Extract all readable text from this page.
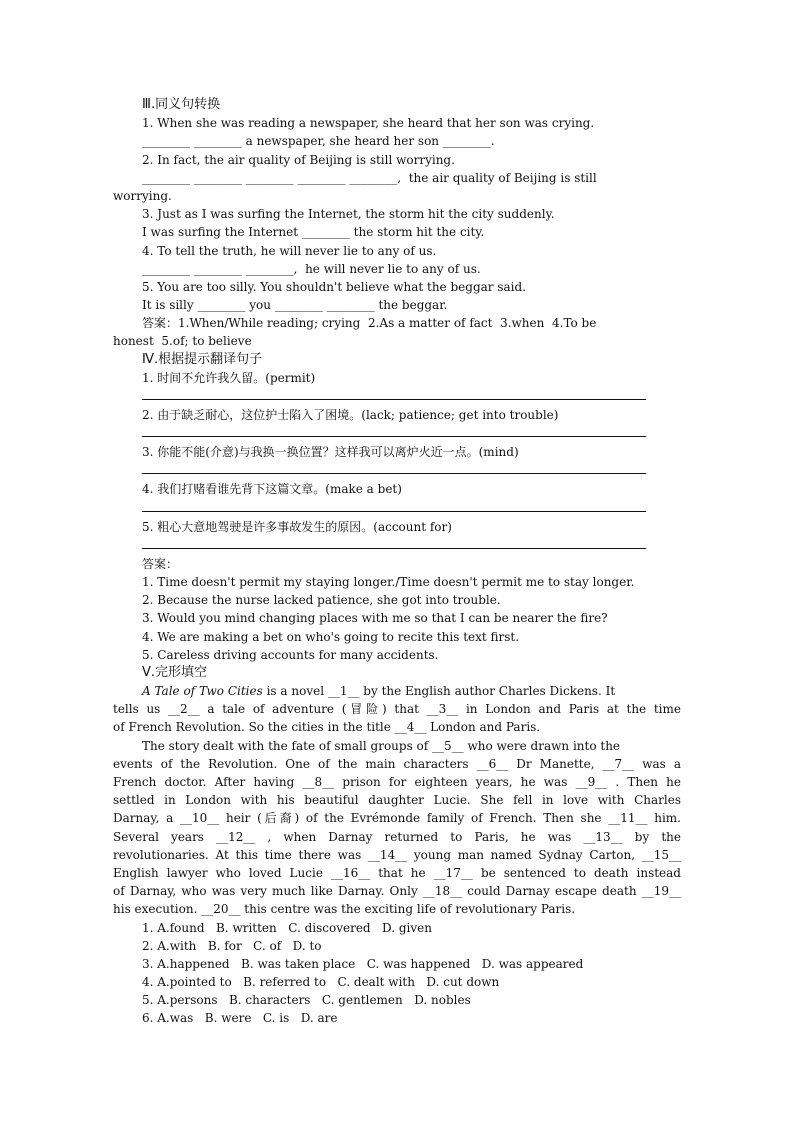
Ⅲ.同义句转换
1. When she was reading a newspaper, she heard that her son was crying.
________ ________ a newspaper, she heard her son ________.
2. In fact, the air quality of Beijing is still worrying.
________ ________ ________ ________ ________,  the air quality of Beijing is still
worrying.
3. Just as I was surfing the Internet, the storm hit the city suddenly.
I was surfing the Internet ________ the storm hit the city.
4. To tell the truth, he will never lie to any of us.
________ ________ ________,  he will never lie to any of us.
5. You are too silly. You shouldn't believe what the beggar said.
It is silly ________ you ________ ________ the beggar.
答案：1.When/While reading; crying  2.As a matter of fact  3.when  4.To be
honest  5.of; to believe
Ⅳ.根据提示翻译句子
1. 时间不允许我久留。(permit)
2. 由于缺乏耐心，这位护士陷入了困境。(lack; patience; get into trouble)
3. 你能不能(介意)与我换一换位置？这样我可以离炉火近一点。(mind)
4. 我们打赌看谁先背下这篇文章。(make a bet)
5. 粗心大意地驾驶是许多事故发生的原因。(account for)
答案：
1. Time doesn't permit my staying longer./Time doesn't permit me to stay longer.
2. Because the nurse lacked patience, she got into trouble.
3. Would you mind changing places with me so that I can be nearer the fire?
4. We are making a bet on who's going to recite this text first.
5. Careless driving accounts for many accidents.
Ⅴ.完形填空
A Tale of Two Cities is a novel __1__ by the English author Charles Dickens. It
tells us __2__ a tale of adventure (冒险) that __3__ in London and Paris at the time
of French Revolution. So the cities in the title __4__ London and Paris.
The story dealt with the fate of small groups of __5__ who were drawn into the
events of the Revolution. One of the main characters __6__ Dr Manette, __7__ was a
French doctor. After having __8__ prison for eighteen years, he was __9__ . Then he
settled in London with his beautiful daughter Lucie. She fell in love with Charles
Darnay, a __10__ heir (后裔) of the Evrémonde family of French. Then she __11__ him.
Several years __12__ , when Darnay returned to Paris, he was __13__ by the
revolutionaries. At this time there was __14__ young man named Sydnay Carton, __15__
English lawyer who loved Lucie __16__ that he __17__ be sentenced to death instead
of Darnay, who was very much like Darnay. Only __18__ could Darnay escape death __19__
his execution. __20__ this centre was the exciting life of revolutionary Paris.
1. A.found   B. written   C. discovered   D. given
2. A.with   B. for   C. of   D. to
3. A.happened   B. was taken place   C. was happened   D. was appeared
4. A.pointed to   B. referred to   C. dealt with   D. cut down
5. A.persons   B. characters   C. gentlemen   D. nobles
6. A.was   B. were   C. is   D. are
